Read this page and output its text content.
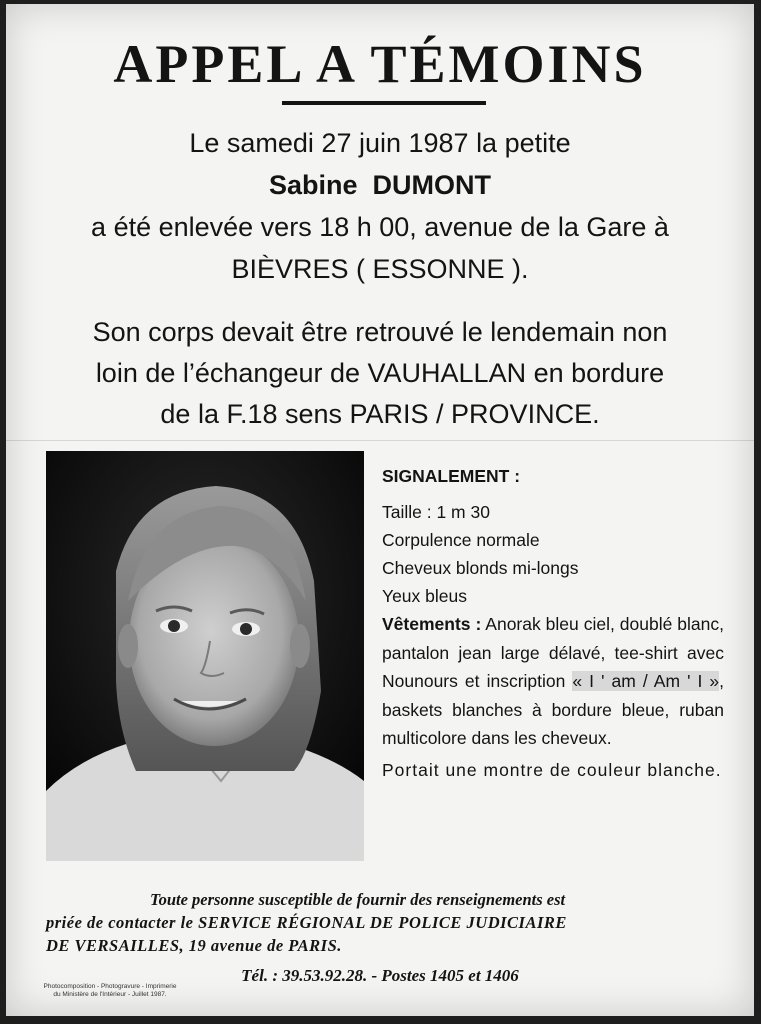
APPEL A TÉMOINS
Le samedi 27 juin 1987 la petite
Sabine DUMONT
a été enlevée vers 18 h 00, avenue de la Gare à
BIÈVRES ( ESSONNE ).
Son corps devait être retrouvé le lendemain non
loin de l’échangeur de VAUHALLAN en bordure
de la F.18 sens PARIS / PROVINCE.

SIGNALEMENT :

Taille : 1 m 30

Corpulence normale

Cheveux blonds mi-longs

Yeux bleus

Vêtements : Anorak bleu ciel, doublé blanc, pantalon jean large délavé, tee-shirt avec Nounours et inscription « I ' am / Am ' I », baskets blanches à bordure bleue, ruban multicolore dans les cheveux.

Portait une montre de couleur blanche.

Toute personne susceptible de fournir des renseignements est
priée de contacter le SERVICE RÉGIONAL DE POLICE JUDICIAIRE
DE VERSAILLES, 19 avenue de PARIS.
Tél. : 39.53.92.28. - Postes 1405 et 1406
Photocomposition - Photogravure - Imprimerie
du Ministère de l'Intérieur - Juillet 1987.
